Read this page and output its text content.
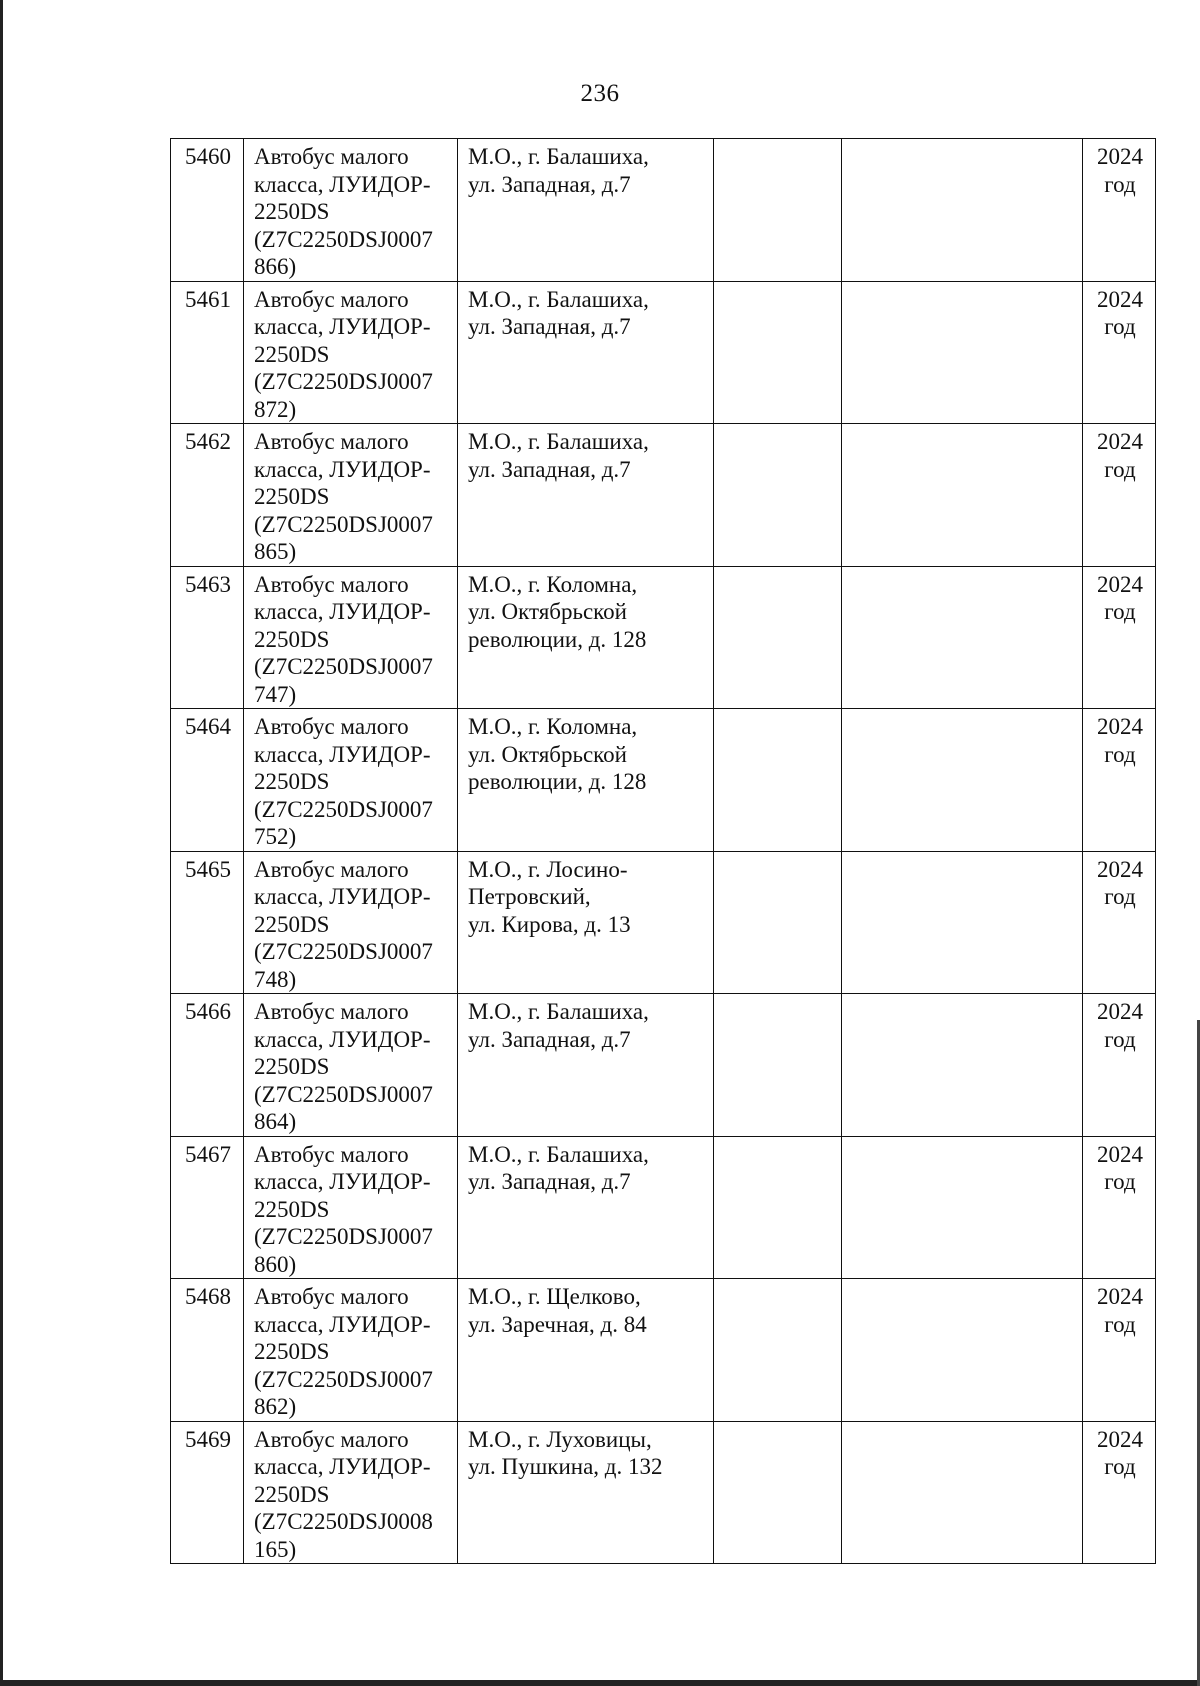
236
5460	Автобус малого
класса, ЛУИДОР-
2250DS
(Z7C2250DSJ0007
866)	М.О., г. Балашиха,
ул. Западная, д.7			2024
год

5461	Автобус малого
класса, ЛУИДОР-
2250DS
(Z7C2250DSJ0007
872)	М.О., г. Балашиха,
ул. Западная, д.7			2024
год

5462	Автобус малого
класса, ЛУИДОР-
2250DS
(Z7C2250DSJ0007
865)	М.О., г. Балашиха,
ул. Западная, д.7			2024
год

5463	Автобус малого
класса, ЛУИДОР-
2250DS
(Z7C2250DSJ0007
747)	М.О., г. Коломна,
ул. Октябрьской
революции, д. 128			2024
год

5464	Автобус малого
класса, ЛУИДОР-
2250DS
(Z7C2250DSJ0007
752)	М.О., г. Коломна,
ул. Октябрьской
революции, д. 128			2024
год

5465	Автобус малого
класса, ЛУИДОР-
2250DS
(Z7C2250DSJ0007
748)	М.О., г. Лосино-
Петровский,
ул. Кирова, д. 13			2024
год

5466	Автобус малого
класса, ЛУИДОР-
2250DS
(Z7C2250DSJ0007
864)	М.О., г. Балашиха,
ул. Западная, д.7			2024
год

5467	Автобус малого
класса, ЛУИДОР-
2250DS
(Z7C2250DSJ0007
860)	М.О., г. Балашиха,
ул. Западная, д.7			2024
год

5468	Автобус малого
класса, ЛУИДОР-
2250DS
(Z7C2250DSJ0007
862)	М.О., г. Щелково,
ул. Заречная, д. 84			2024
год

5469	Автобус малого
класса, ЛУИДОР-
2250DS
(Z7C2250DSJ0008
165)	М.О., г. Луховицы,
ул. Пушкина, д. 132			2024
год
